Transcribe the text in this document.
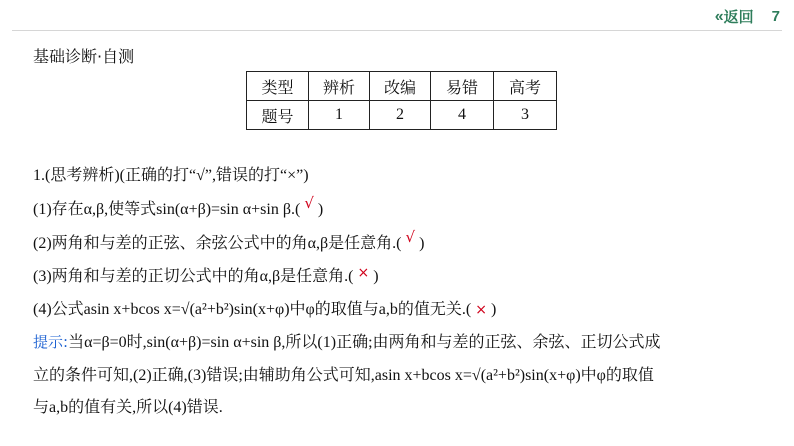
« 返回 7
基础诊断·自测
类型	辨析	改编	易错	高考
题号	1	2	4	3
1.(思考辨析)(正确的打“√”,错误的打“×”)
(1)存在α,β,使等式sin(α+β)=sin α+sin β.( √ )
(2)两角和与差的正弦、余弦公式中的角α,β是任意角.( √ )
(3)两角和与差的正切公式中的角α,β是任意角.( × )
(4)公式asin x+bcos x=√(a²+b²)sin(x+φ)中φ的取值与a,b的值无关.( × )
提示:当α=β=0时,sin(α+β)=sin α+sin β,所以(1)正确;由两角和与差的正弦、余弦、正切公式成
立的条件可知,(2)正确,(3)错误;由辅助角公式可知,asin x+bcos x=√(a²+b²)sin(x+φ)中φ的取值
与a,b的值有关,所以(4)错误.
